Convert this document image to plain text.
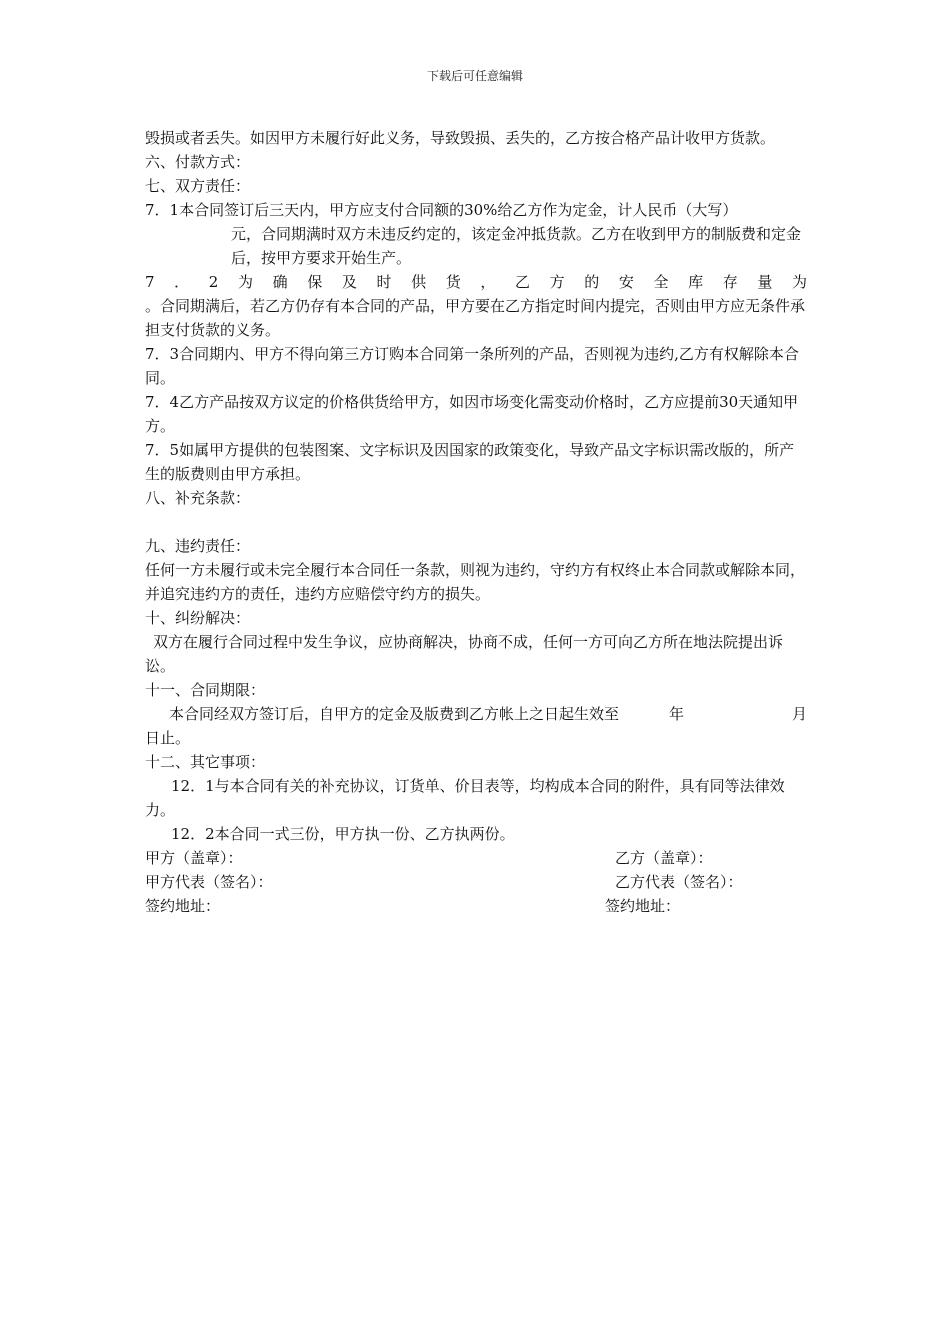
下载后可任意编辑

毁损或者丢失。如因甲方未履行好此义务，导致毁损、丢失的，乙方按合格产品计收甲方货款。

六、付款方式：

七、双方责任：

7．1本合同签订后三天内，甲方应支付合同额的30%给乙方作为定金，计人民币（大写）

元，合同期满时双方未违反约定的，该定金冲抵货款。乙方在收到甲方的制版费和定金后，按甲方要求开始生产。

7 ． 2 为 确 保 及 时 供 货 ， 乙 方 的 安 全 库 存 量 为

。合同期满后，若乙方仍存有本合同的产品，甲方要在乙方指定时间内提完，否则由甲方应无条件承担支付货款的义务。

7．3合同期内、甲方不得向第三方订购本合同第一条所列的产品，否则视为违约,乙方有权解除本合同。

7．4乙方产品按双方议定的价格供货给甲方，如因市场变化需变动价格时，乙方应提前30天通知甲方。

7．5如属甲方提供的包装图案、文字标识及因国家的政策变化，导致产品文字标识需改版的，所产生的版费则由甲方承担。

八、补充条款：

九、违约责任：

任何一方未履行或未完全履行本合同任一条款，则视为违约，守约方有权终止本合同款或解除本同，并追究违约方的责任，违约方应赔偿守约方的损失。

十、纠纷解决：

双方在履行合同过程中发生争议，应协商解决，协商不成，任何一方可向乙方所在地法院提出诉讼。

十一、合同期限：

本合同经双方签订后，自甲方的定金及版费到乙方帐上之日起生效至	年	月

日止。

十二、其它事项：

12．1与本合同有关的补充协议，订货单、价目表等，均构成本合同的附件，具有同等法律效力。

12．2本合同一式三份，甲方执一份、乙方执两份。

甲方（盖章）：	乙方（盖章）：
甲方代表（签名）：	乙方代表（签名）：
签约地址：	签约地址：
